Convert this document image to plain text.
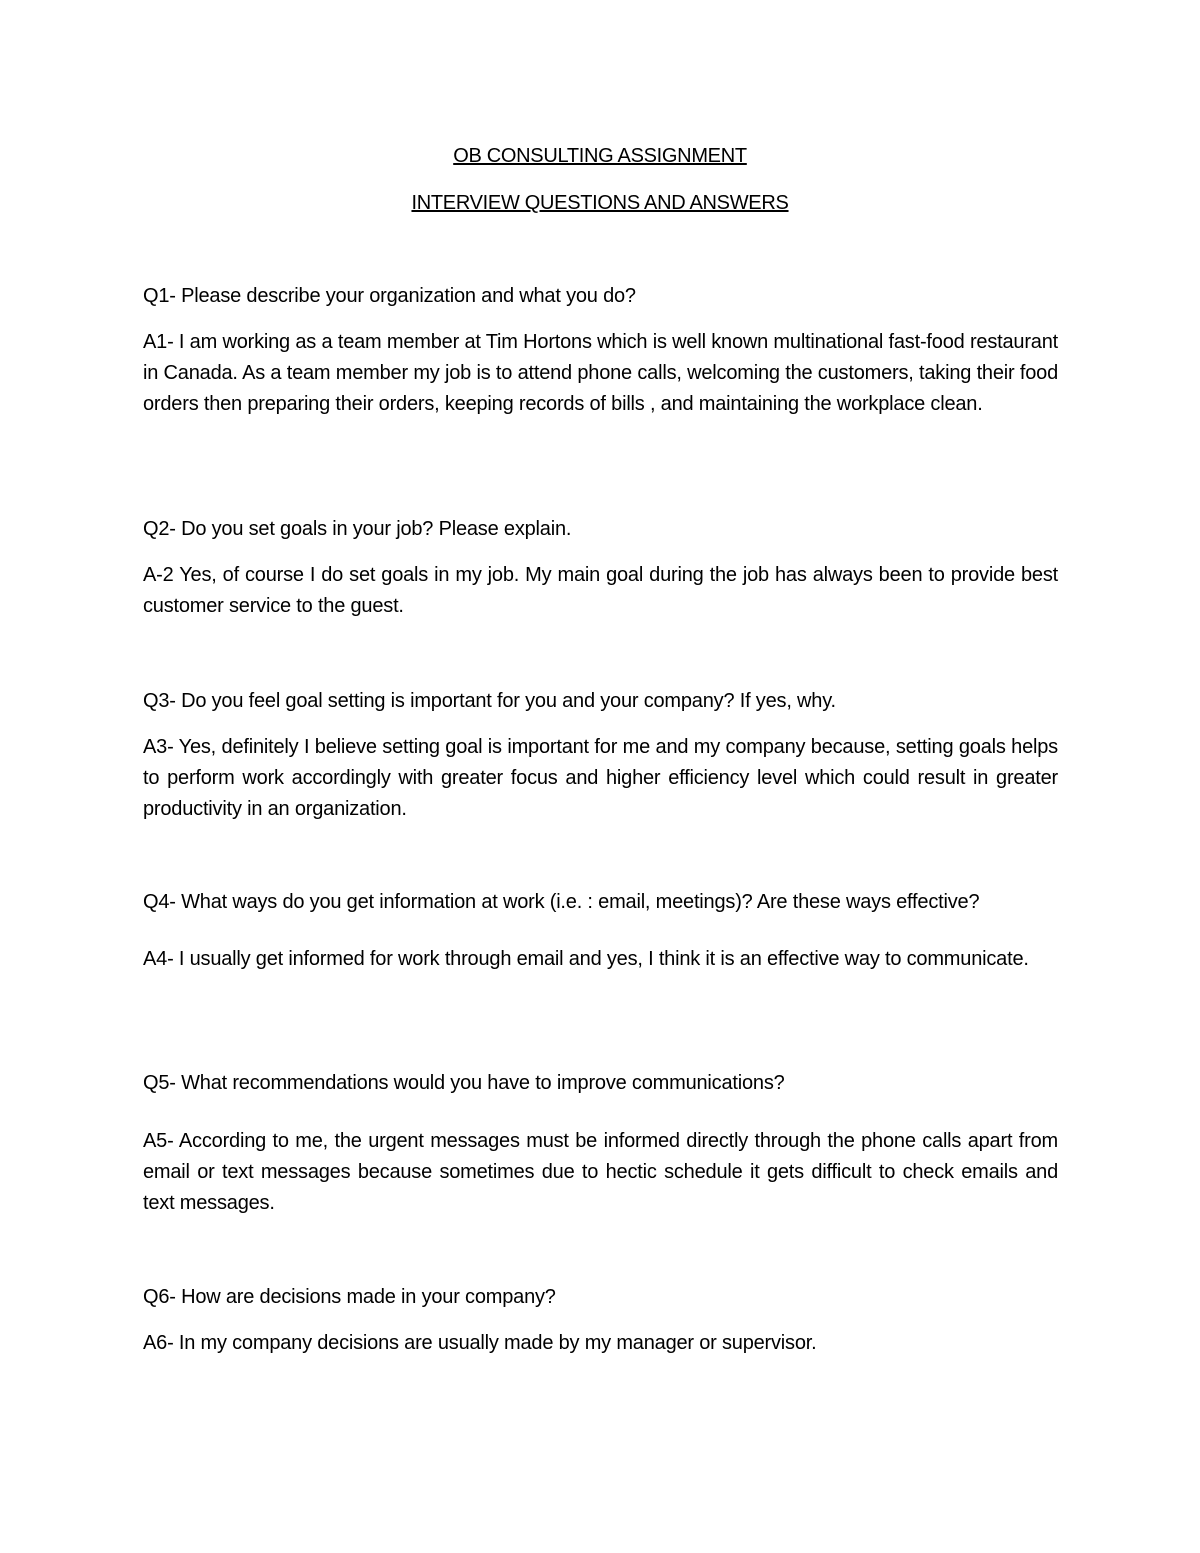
OB CONSULTING ASSIGNMENT
INTERVIEW QUESTIONS AND ANSWERS

Q1- Please describe your organization and what you do?

A1- I am working as a team member at Tim Hortons which is well known multinational fast-food restaurant in Canada. As a team member my job is to attend phone calls, welcoming the customers, taking their food orders then preparing their orders, keeping records of bills , and maintaining the workplace clean.

Q2- Do you set goals in your job? Please explain.

A-2 Yes, of course I do set goals in my job. My main goal during the job has always been to provide best customer service to the guest.

Q3- Do you feel goal setting is important for you and your company? If yes, why.

A3- Yes, definitely I believe setting goal is important for me and my company because, setting goals helps to perform work accordingly with greater focus and higher efficiency level which could result in greater productivity in an organization.

Q4- What ways do you get information at work (i.e. : email, meetings)? Are these ways effective?

A4- I usually get informed for work through email and yes, I think it is an effective way to communicate.

Q5- What recommendations would you have to improve communications?

A5- According to me, the urgent messages must be informed directly through the phone calls apart from email or text messages because sometimes due to hectic schedule it gets difficult to check emails and text messages.

Q6- How are decisions made in your company?

A6- In my company decisions are usually made by my manager or supervisor.
